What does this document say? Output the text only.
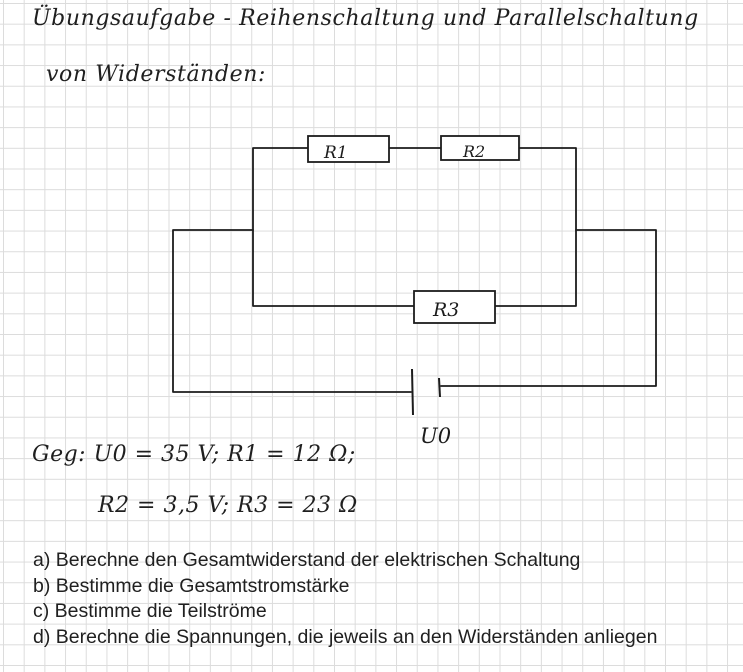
Übungsaufgabe - Reihenschaltung und Parallelschaltung
von Widerständen:
R1	R2
R3
U0
Geg: U0 = 35 V; R1 = 12 Ω;
R2 = 3,5 V; R3 = 23 Ω
a) Berechne den Gesamtwiderstand der elektrischen Schaltung
b) Bestimme die Gesamtstromstärke
c) Bestimme die Teilströme
d) Berechne die Spannungen, die jeweils an den Widerständen anliegen
